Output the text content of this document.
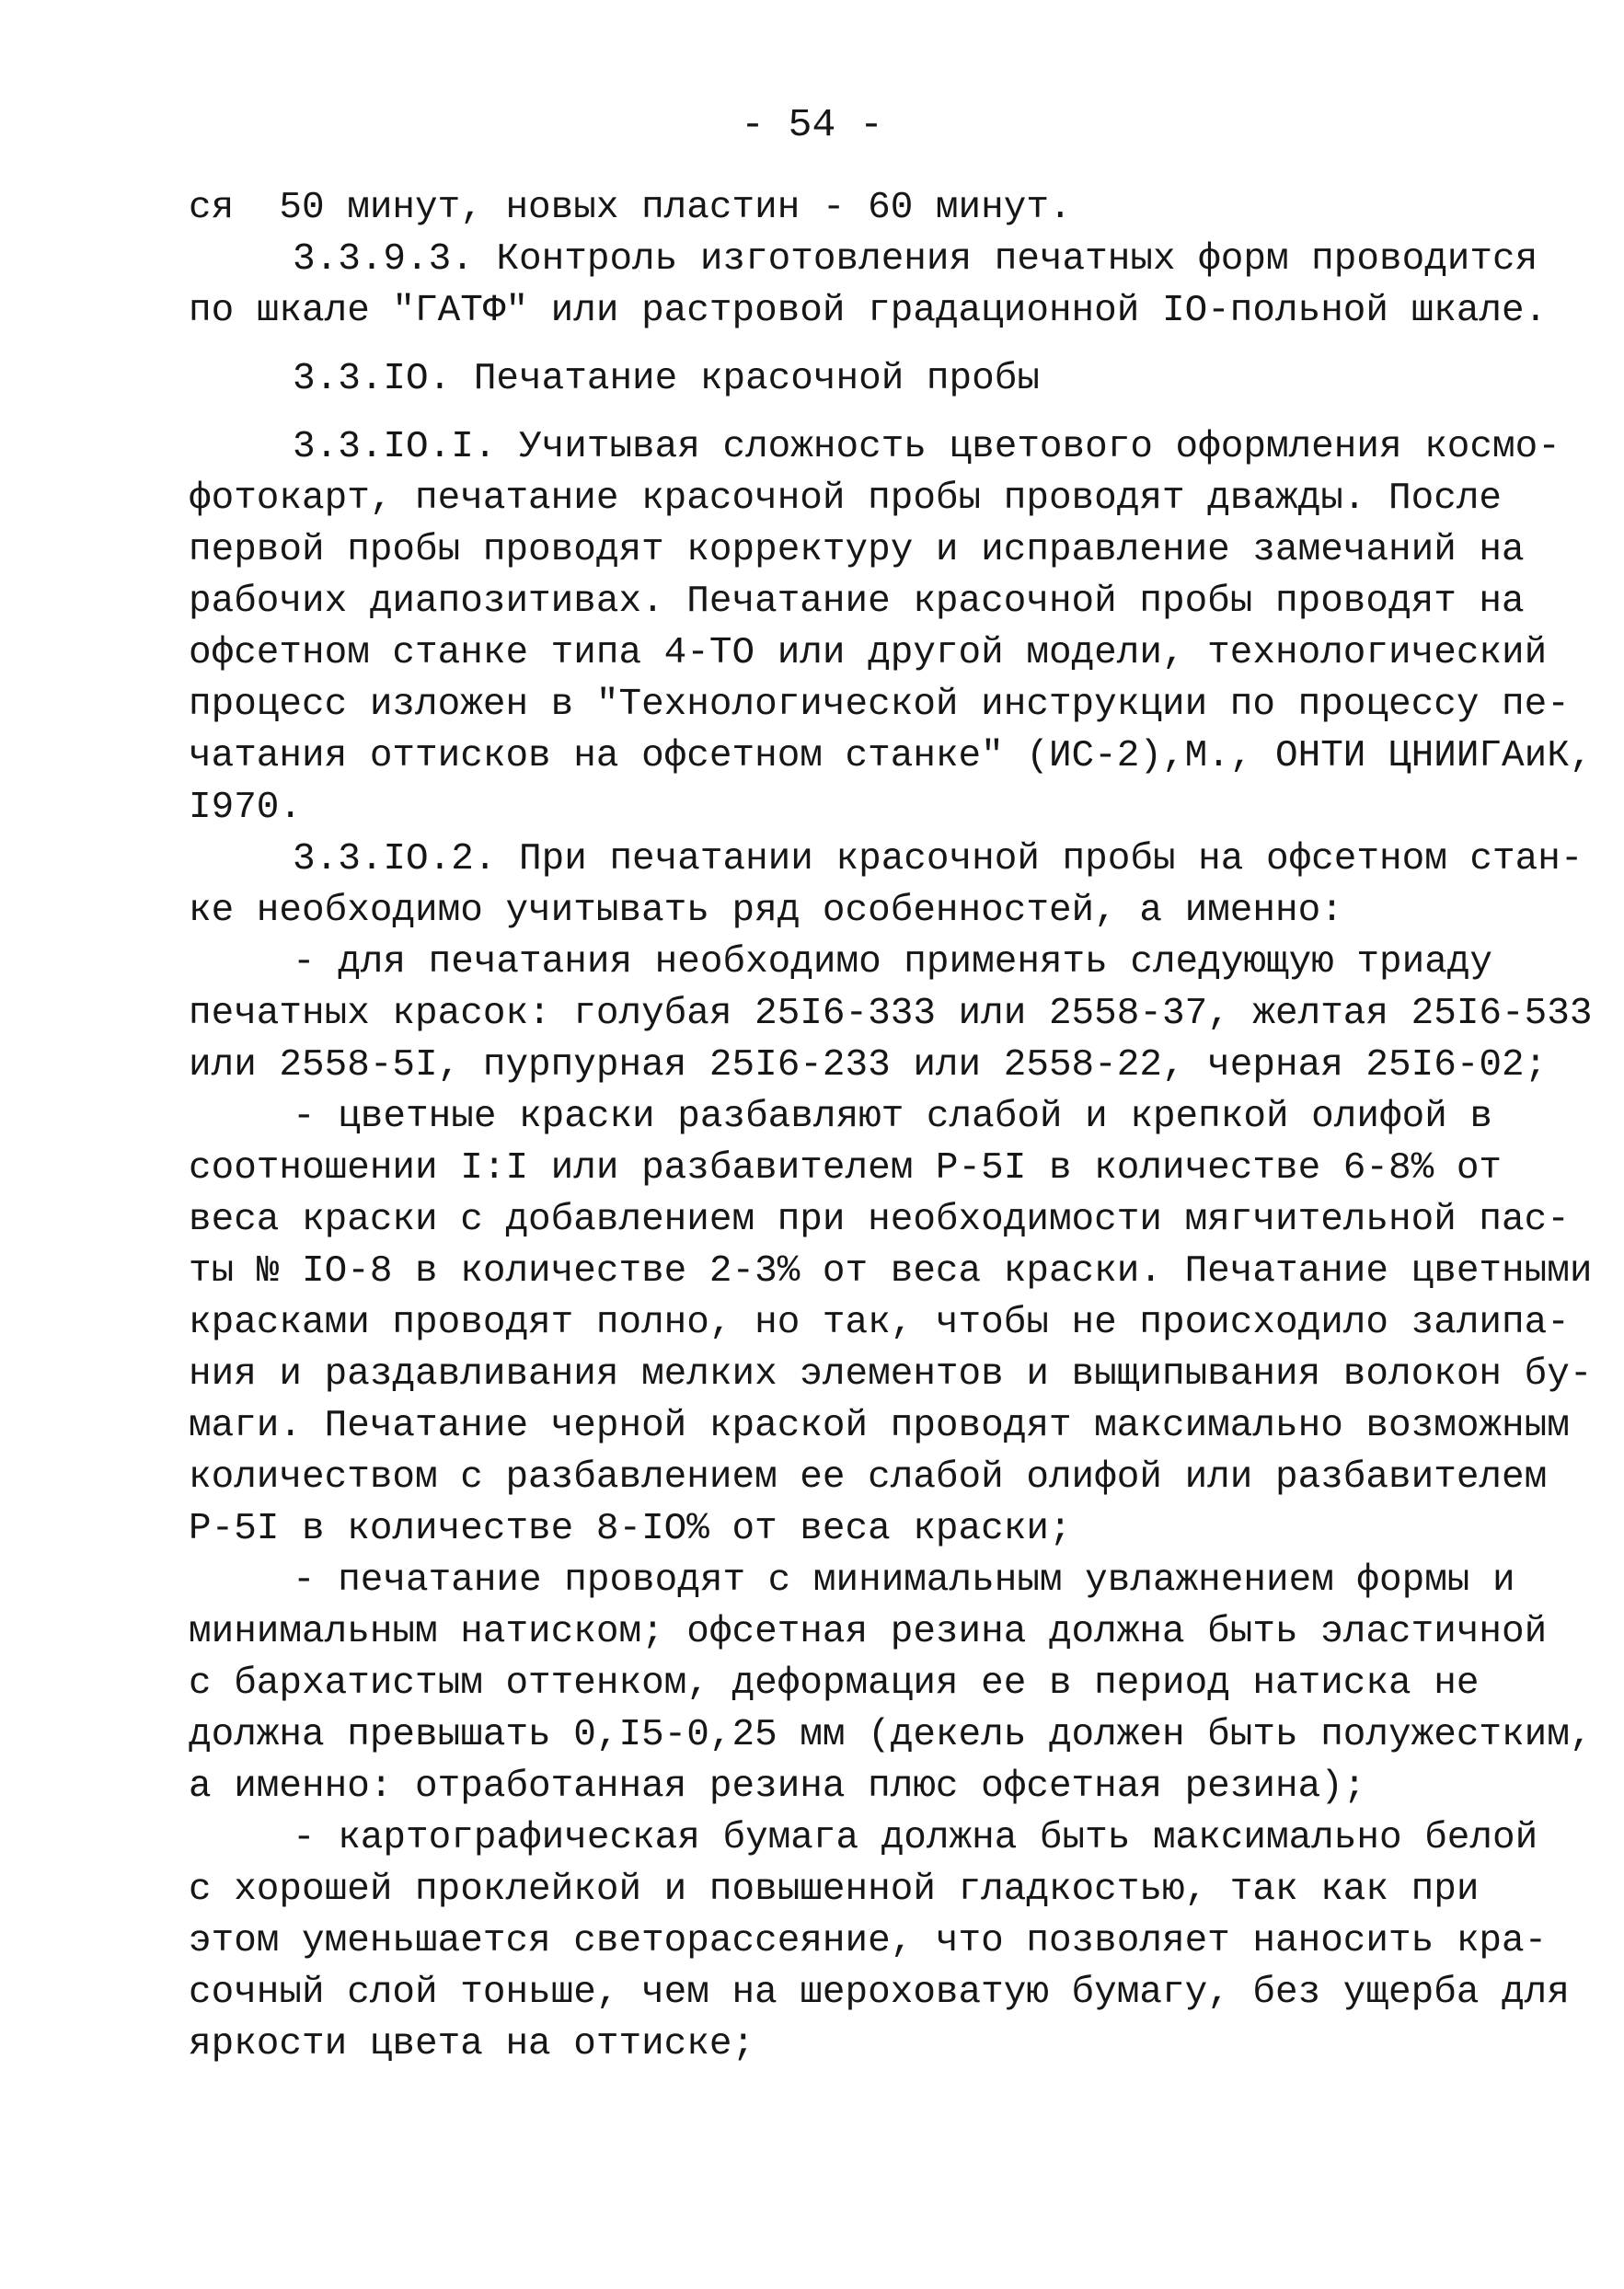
- 54 -

ся  50 минут, новых пластин - 60 минут.

3.3.9.3. Контроль изготовления печатных форм проводится

по шкале "ГАТФ" или растровой градационной IO-польной шкале.

3.3.IO. Печатание красочной пробы

3.3.IO.I. Учитывая сложность цветового оформления космо-

фотокарт, печатание красочной пробы проводят дважды. После

первой пробы проводят корректуру и исправление замечаний на

рабочих диапозитивах. Печатание красочной пробы проводят на

офсетном станке типа 4-ТО или другой модели, технологический

процесс изложен в "Технологической инструкции по процессу пе-

чатания оттисков на офсетном станке" (ИС-2),М., ОНТИ ЦНИИГАиК,

I970.

3.3.IO.2. При печатании красочной пробы на офсетном стан-

ке необходимо учитывать ряд особенностей, а именно:

- для печатания необходимо применять следующую триаду

печатных красок: голубая 25I6-333 или 2558-37, желтая 25I6-533

или 2558-5I, пурпурная 25I6-233 или 2558-22, черная 25I6-02;

- цветные краски разбавляют слабой и крепкой олифой в

соотношении I:I или разбавителем Р-5I в количестве 6-8% от

веса краски с добавлением при необходимости мягчительной пас-

ты № IO-8 в количестве 2-3% от веса краски. Печатание цветными

красками проводят полно, но так, чтобы не происходило залипа-

ния и раздавливания мелких элементов и выщипывания волокон бу-

маги. Печатание черной краской проводят максимально возможным

количеством с разбавлением ее слабой олифой или разбавителем

Р-5I в количестве 8-IO% от веса краски;

- печатание проводят с минимальным увлажнением формы и

минимальным натиском; офсетная резина должна быть эластичной

с бархатистым оттенком, деформация ее в период натиска не

должна превышать 0,I5-0,25 мм (декель должен быть полужестким,

а именно: отработанная резина плюс офсетная резина);

- картографическая бумага должна быть максимально белой

с хорошей проклейкой и повышенной гладкостью, так как при

этом уменьшается светорассеяние, что позволяет наносить кра-

сочный слой тоньше, чем на шероховатую бумагу, без ущерба для

яркости цвета на оттиске;
